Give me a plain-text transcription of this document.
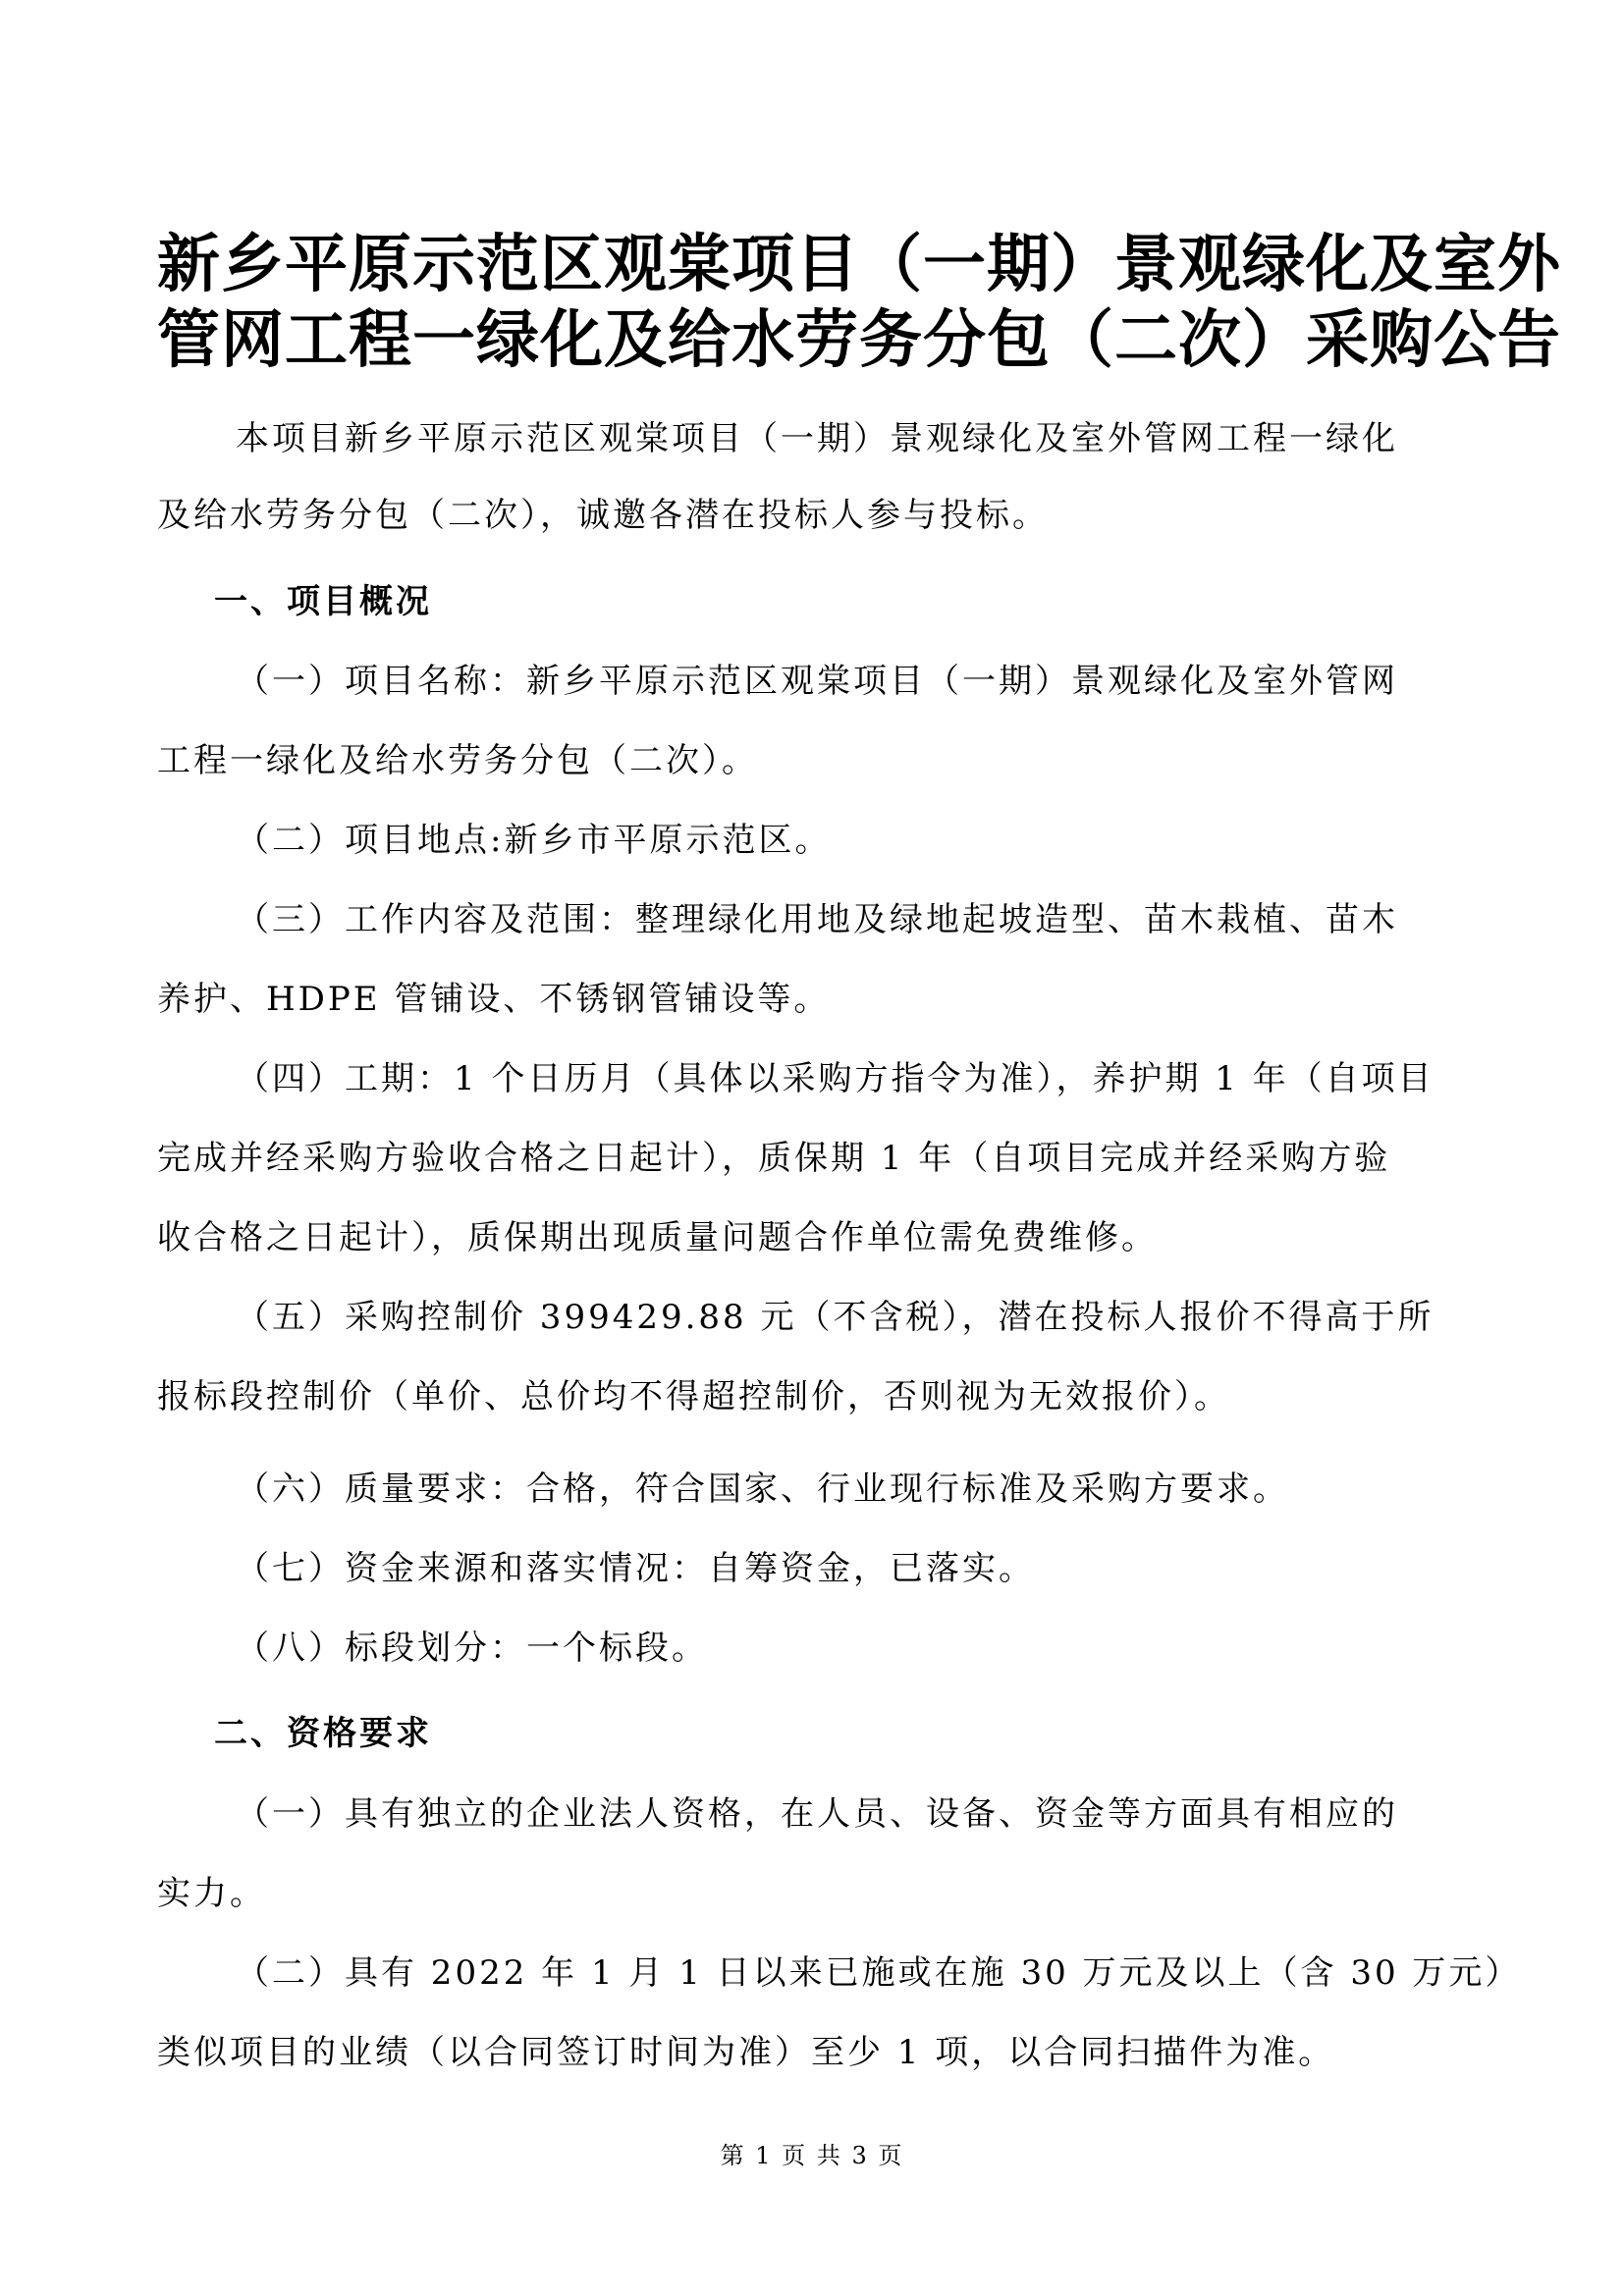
新乡平原示范区观棠项目（一期）景观绿化及室外
管网工程一绿化及给水劳务分包（二次）采购公告
本项目新乡平原示范区观棠项目（一期）景观绿化及室外管网工程一绿化
及给水劳务分包（二次），诚邀各潜在投标人参与投标。
一、项目概况
（一）项目名称：新乡平原示范区观棠项目（一期）景观绿化及室外管网
工程一绿化及给水劳务分包（二次）。
（二）项目地点:新乡市平原示范区。
（三）工作内容及范围：整理绿化用地及绿地起坡造型、苗木栽植、苗木
养护、HDPE 管铺设、不锈钢管铺设等。
（四）工期：1 个日历月（具体以采购方指令为准），养护期 1 年（自项目
完成并经采购方验收合格之日起计），质保期 1 年（自项目完成并经采购方验
收合格之日起计），质保期出现质量问题合作单位需免费维修。
（五）采购控制价 399429.88 元（不含税），潜在投标人报价不得高于所
报标段控制价（单价、总价均不得超控制价，否则视为无效报价）。
（六）质量要求：合格，符合国家、行业现行标准及采购方要求。
（七）资金来源和落实情况：自筹资金，已落实。
（八）标段划分：一个标段。
二、资格要求
（一）具有独立的企业法人资格，在人员、设备、资金等方面具有相应的
实力。
（二）具有 2022 年 1 月 1 日以来已施或在施 30 万元及以上（含 30 万元）
类似项目的业绩（以合同签订时间为准）至少 1 项，以合同扫描件为准。
第 1 页 共 3 页
